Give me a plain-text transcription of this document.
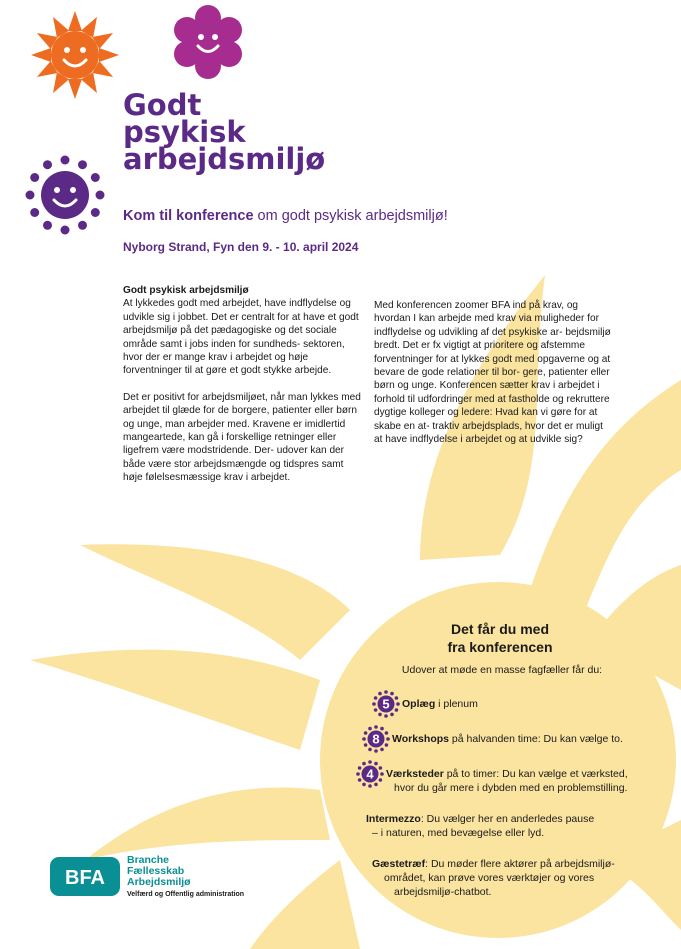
Godt
psykisk
arbejdsmiljø
Kom til konference om godt psykisk arbejdsmiljø!
Nyborg Strand, Fyn den 9. - 10. april 2024
Godt psykisk arbejdsmiljø

At lykkedes godt med arbejdet, have indflydelse og udvikle sig i jobbet. Det er centralt for at have et godt arbejdsmiljø på det pædagogiske og det sociale område samt i jobs inden for sundheds- sektoren, hvor der er mange krav i arbejdet og høje forventninger til at gøre et godt stykke arbejde.

Det er positivt for arbejdsmiljøet, når man lykkes med arbejdet til glæde for de borgere, patienter eller børn og unge, man arbejder med. Kravene er imidlertid mangeartede, kan gå i forskellige retninger eller ligefrem være modstridende. Der- udover kan der både være stor arbejdsmængde og tidspres samt høje følelsesmæssige krav i arbejdet.

Med konferencen zoomer BFA ind på krav, og hvordan I kan arbejde med krav via muligheder for indflydelse og udvikling af det psykiske ar- bejdsmiljø bredt. Det er fx vigtigt at prioritere og afstemme forventninger for at lykkes godt med opgaverne og at bevare de gode relationer til bor- gere, patienter eller børn og unge. Konferencen sætter krav i arbejdet i forhold til udfordringer med at fastholde og rekruttere dygtige kolleger og ledere: Hvad kan vi gøre for at skabe en at- traktiv arbejdsplads, hvor det er muligt at have indflydelse i arbejdet og at udvikle sig?

Det får du med
fra konferencen
Udover at møde en masse fagfæller får du:
5 Oplæg i plenum
8 Workshops på halvanden time: Du kan vælge to.
4 Værksteder på to timer: Du kan vælge et værksted,
hvor du går mere i dybden med en problemstilling.
Intermezzo: Du vælger her en anderledes pause
– i naturen, med bevægelse eller lyd.
Gæstetræf: Du møder flere aktører på arbejdsmiljø-
området, kan prøve vores værktøjer og vores
arbejdsmiljø-chatbot.
BFA
Branche
Fællesskab
Arbejdsmiljø
Velfærd og Offentlig administration
